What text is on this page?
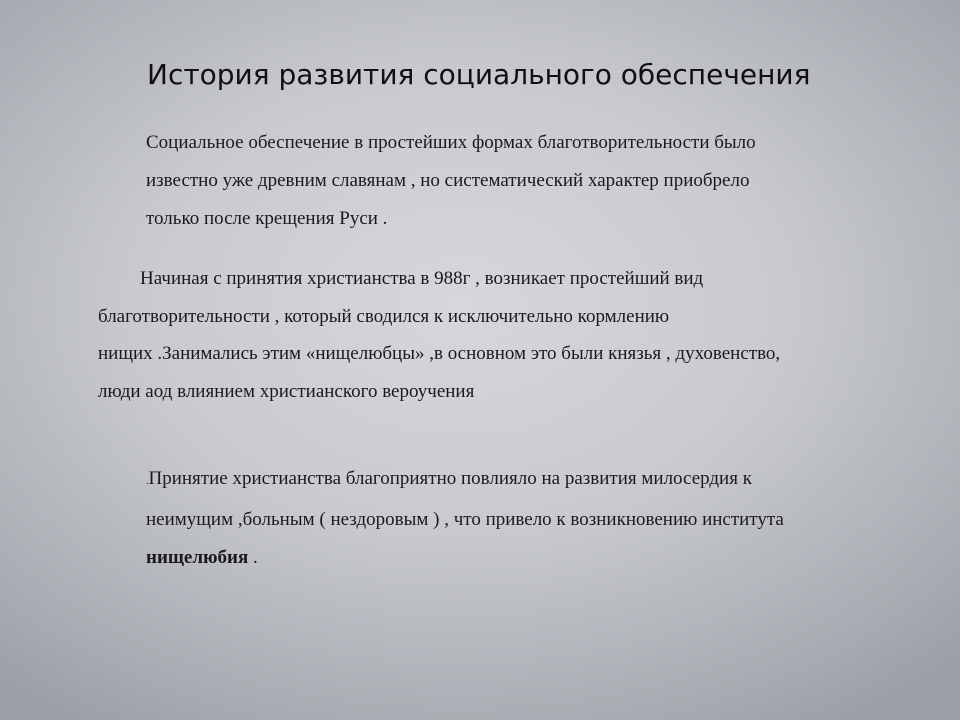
История развития социального обеспечения
Социальное обеспечение в простейших формах благотворительности было
известно уже древним славянам , но систематический характер приобрело
только после крещения Руси .
Начиная с принятия христианства в 988г , возникает простейший вид
благотворительности , который сводился к исключительно кормлению
нищих .Занимались этим «нищелюбцы» ,в основном это были князья , духовенство,
люди аод влиянием христианского вероучения
.Принятие христианства благоприятно повлияло на развития милосердия к
неимущим ,больным ( нездоровым ) , что привело к возникновению института
нищелюбия .
